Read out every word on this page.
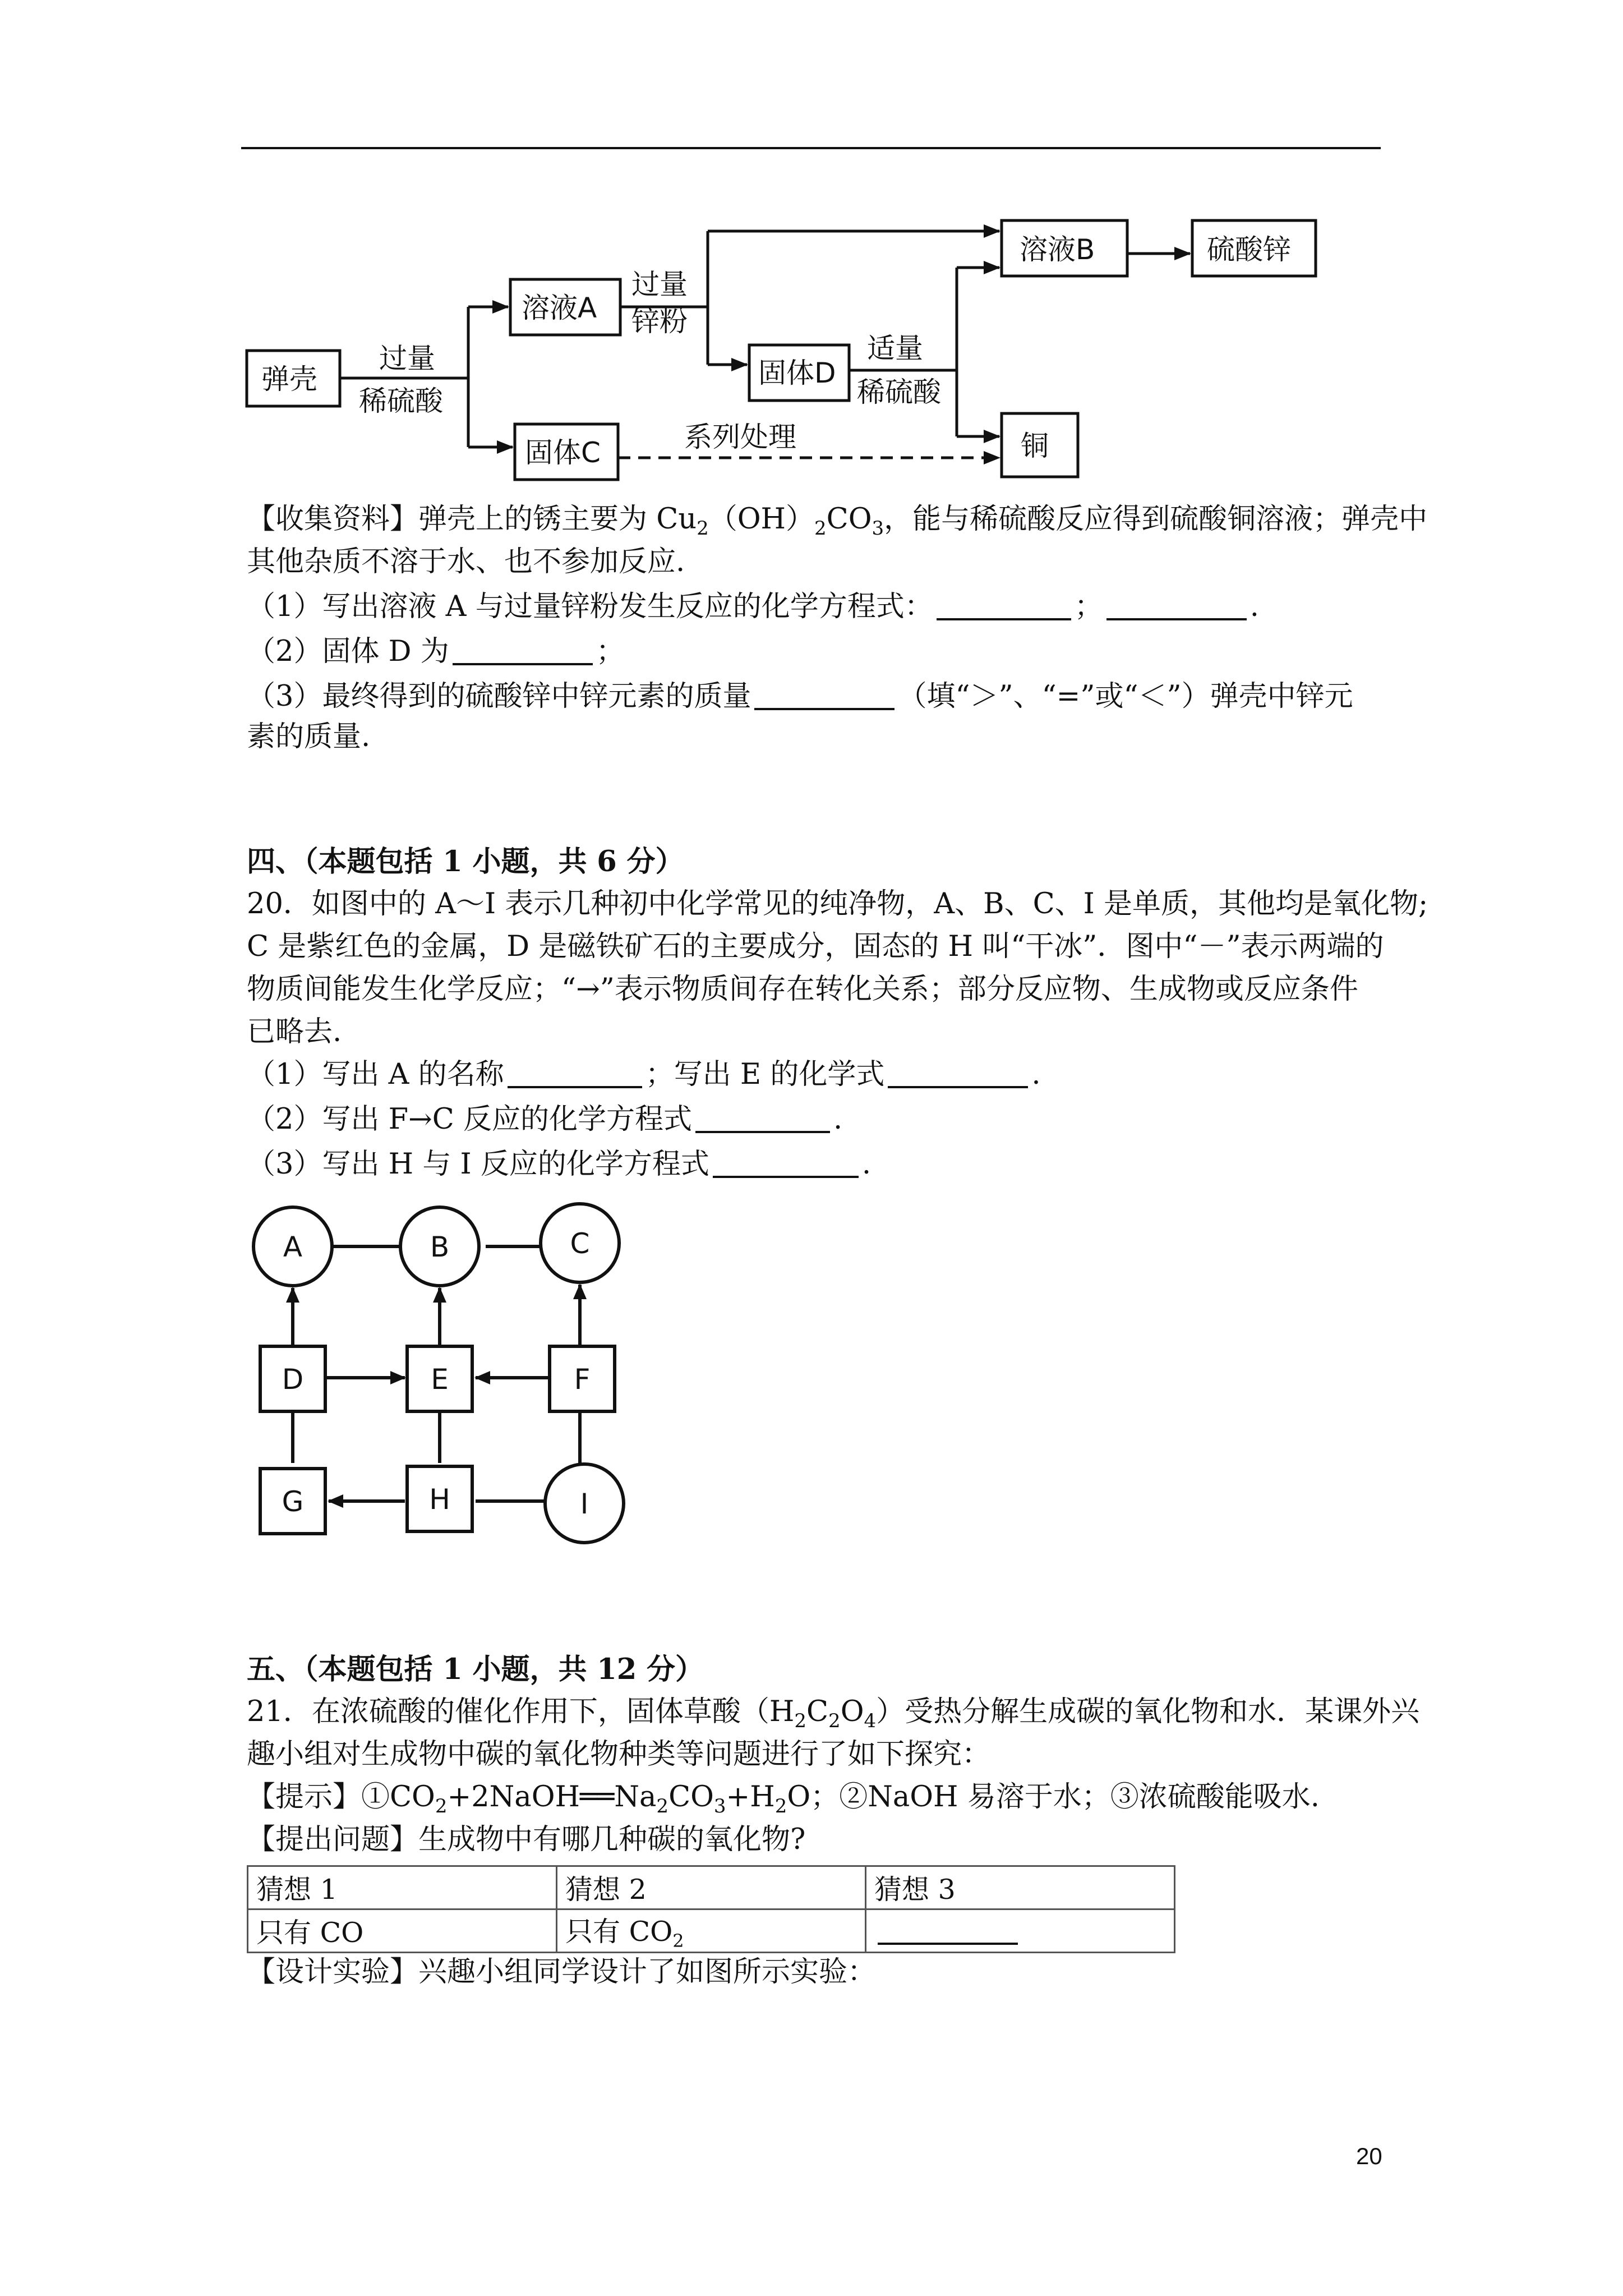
弹壳
溶液A
固体C
固体D
溶液B	硫酸锌
铜
过量
稀硫酸
过量
锌粉
适量
稀硫酸
系列处理
【收集资料】弹壳上的锈主要为 $Cu_2(OH)_2CO_3$，能与稀硫酸反应得到硫酸铜溶液；弹壳中
其他杂质不溶于水、也不参加反应.
（1）写出溶液 A 与过量锌粉发生反应的化学方程式：	；	.
（2）固体 D 为	；
（3）最终得到的硫酸锌中锌元素的质量	（填“＞”、“=”或“＜”）弹壳中锌元
素的质量.
四、（本题包括 1 小题，共 6 分）
20．如图中的 A～I 表示几种初中化学常见的纯净物，A、B、C、I 是单质，其他均是氧化物;
C 是紫红色的金属，D 是磁铁矿石的主要成分，固态的 H 叫“干冰”．图中“－”表示两端的
物质间能发生化学反应；“→”表示物质间存在转化关系；部分反应物、生成物或反应条件
已略去.
（1）写出 A 的名称	；写出 E 的化学式	.
（2）写出 F→C 反应的化学方程式	.
（3）写出 H 与 I 反应的化学方程式	.
A	B	C
D	E	F
G	H	I
五、（本题包括 1 小题，共 12 分）
21．在浓硫酸的催化作用下，固体草酸$(H_2C_2O_4)$受热分解生成碳的氧化物和水．某课外兴
趣小组对生成物中碳的氧化物种类等问题进行了如下探究：
【提示】$①CO_2+2NaOH══Na_2CO_3+H_2O$；②NaOH 易溶于水；③浓硫酸能吸水.
【提出问题】生成物中有哪几种碳的氧化物?
猜想 1	猜想 2	猜想 3
只有 CO	只有 $CO_2$	
【设计实验】兴趣小组同学设计了如图所示实验：
20
